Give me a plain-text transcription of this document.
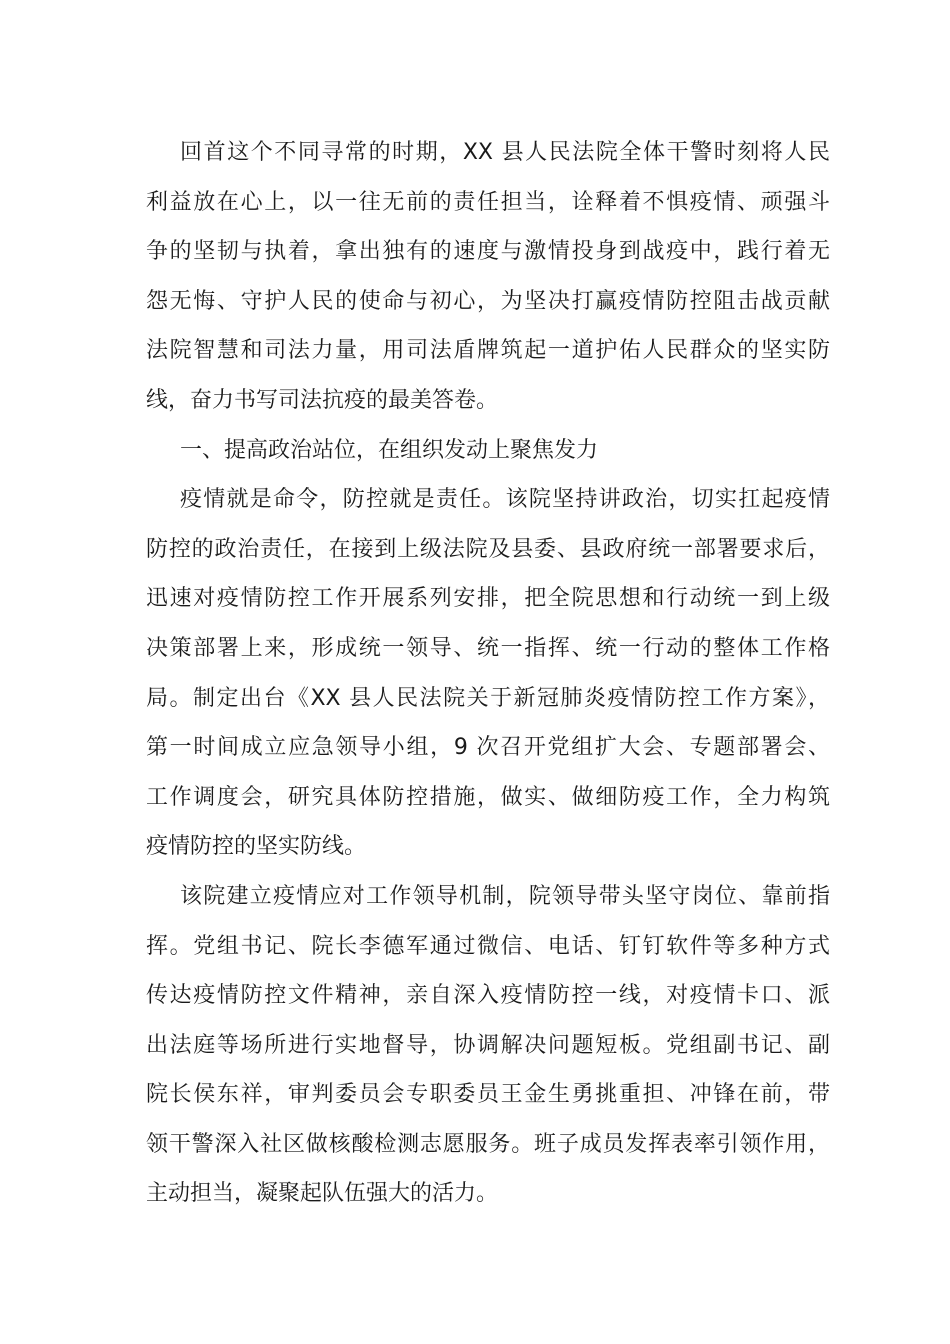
回首这个不同寻常的时期，XX 县人民法院全体干警时刻将人民
利益放在心上，以一往无前的责任担当，诠释着不惧疫情、顽强斗
争的坚韧与执着，拿出独有的速度与激情投身到战疫中，践行着无
怨无悔、守护人民的使命与初心，为坚决打赢疫情防控阻击战贡献
法院智慧和司法力量，用司法盾牌筑起一道护佑人民群众的坚实防
线，奋力书写司法抗疫的最美答卷。
一、提高政治站位，在组织发动上聚焦发力
疫情就是命令，防控就是责任。该院坚持讲政治，切实扛起疫情
防控的政治责任，在接到上级法院及县委、县政府统一部署要求后，
迅速对疫情防控工作开展系列安排，把全院思想和行动统一到上级
决策部署上来，形成统一领导、统一指挥、统一行动的整体工作格
局。制定出台《XX 县人民法院关于新冠肺炎疫情防控工作方案》，
第一时间成立应急领导小组，9 次召开党组扩大会、专题部署会、
工作调度会，研究具体防控措施，做实、做细防疫工作，全力构筑
疫情防控的坚实防线。
该院建立疫情应对工作领导机制，院领导带头坚守岗位、靠前指
挥。党组书记、院长李德军通过微信、电话、钉钉软件等多种方式
传达疫情防控文件精神，亲自深入疫情防控一线，对疫情卡口、派
出法庭等场所进行实地督导，协调解决问题短板。党组副书记、副
院长侯东祥，审判委员会专职委员王金生勇挑重担、冲锋在前，带
领干警深入社区做核酸检测志愿服务。班子成员发挥表率引领作用，
主动担当，凝聚起队伍强大的活力。
